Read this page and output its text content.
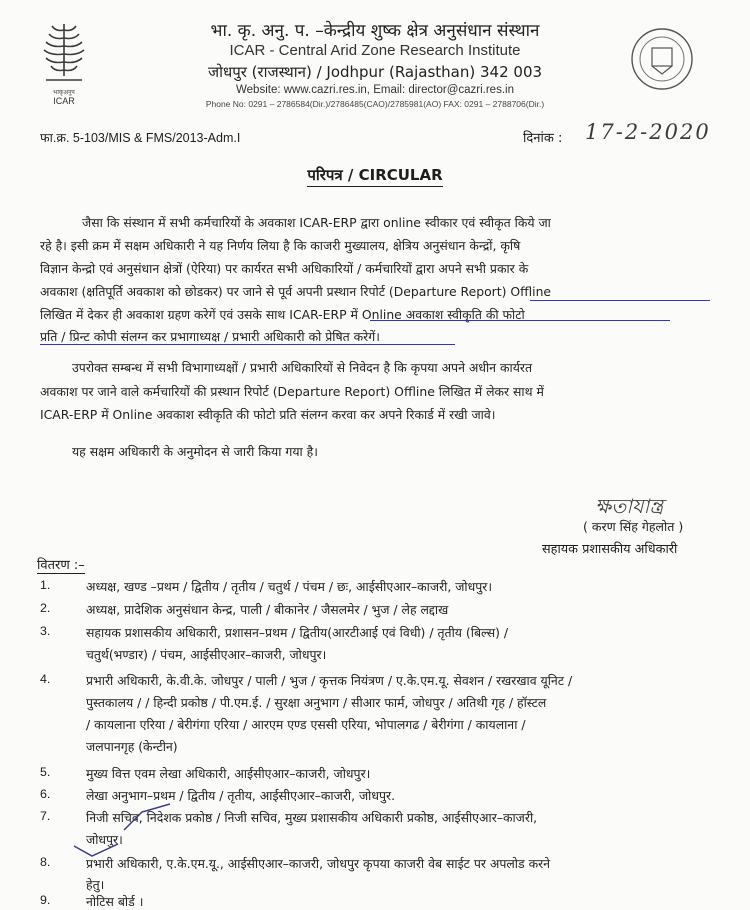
भाकृअनुप
ICAR
भा. कृ. अनु. प. –केन्द्रीय शुष्क क्षेत्र अनुसंधान संस्थान
ICAR - Central Arid Zone Research Institute
जोधपुर (राजस्थान) / Jodhpur (Rajasthan) 342 003
Website: www.cazri.res.in, Email: director@cazri.res.in
Phone No: 0291 – 2786584(Dir.)/2786485(CAO)/2785981(AO) FAX: 0291 – 2788706(Dir.)
फा.क्र. 5-103/MIS & FMS/2013-Adm.I	दिनांक : 17-2-2020
परिपत्र / CIRCULAR
जैसा कि संस्थान में सभी कर्मचारियों के अवकाश ICAR-ERP द्वारा online स्वीकार एवं स्वीकृत किये जा
रहे है। इसी क्रम में सक्षम अधिकारी ने यह निर्णय लिया है कि काजरी मुख्यालय, क्षेत्रिय अनुसंधान केन्द्रों, कृषि
विज्ञान केन्द्रो एवं अनुसंधान क्षेत्रों (ऐरिया) पर कार्यरत सभी अधिकारियों / कर्मचारियों द्वारा अपने सभी प्रकार के
अवकाश (क्षतिपूर्ति अवकाश को छोडकर) पर जाने से पूर्व अपनी प्रस्थान रिपोर्ट (Departure Report) Offline
लिखित में देकर ही अवकाश ग्रहण करेगें एवं उसके साथ ICAR-ERP में Online अवकाश स्वीकृति की फोटो
प्रति / प्रिन्ट कोपी संलग्न कर प्रभागाध्यक्ष / प्रभारी अधिकारी को प्रेषित करेगें।
उपरोक्त सम्बन्ध में सभी विभागाध्यक्षों / प्रभारी अधिकारियों से निवेदन है कि कृपया अपने अधीन कार्यरत
अवकाश पर जाने वाले कर्मचारियों की प्रस्थान रिपोर्ट (Departure Report) Offline लिखित में लेकर साथ में
ICAR-ERP में Online अवकाश स्वीकृति की फोटो प्रति संलग्न करवा कर अपने रिकार्ड में रखी जावे।
यह सक्षम अधिकारी के अनुमोदन से जारी किया गया है।
ক্ষতাযান্ত্র
( करण सिंह गेहलोत )
सहायक प्रशासकीय अधिकारी
वितरण :–
1.	अध्यक्ष, खण्ड –प्रथम / द्वितीय / तृतीय / चतुर्थ / पंचम / छः, आईसीएआर–काजरी, जोधपुर।
2.	अध्यक्ष, प्रादेशिक अनुसंधान केन्द्र, पाली / बीकानेर / जैसलमेर / भुज / लेह लद्दाख
3.	सहायक प्रशासकीय अधिकारी, प्रशासन–प्रथम / द्वितीय(आरटीआई एवं विधी) / तृतीय (बिल्स) /
चतुर्थ(भण्डार) / पंचम, आईसीएआर–काजरी, जोधपुर।
4.	प्रभारी अधिकारी, के.वी.के. जोधपुर / पाली / भुज / कृत्तक नियंत्रण / ए.के.एम.यू. सेवशन / रखरखाव यूनिट /
पुस्तकालय / / हिन्दी प्रकोष्ठ / पी.एम.ई. / सुरक्षा अनुभाग / सीआर फार्म, जोधपुर / अतिथी गृह / हॉस्टल
/ कायलाना एरिया / बेरीगंगा एरिया / आरएम एण्ड एससी एरिया, भोपालगढ / बेरीगंगा / कायलाना /
जलपानगृह (केन्टीन)
5.	मुख्य वित्त एवम लेखा अधिकारी, आईसीएआर–काजरी, जोधपुर।
6.	लेखा अनुभाग–प्रथम / द्वितीय / तृतीय, आईसीएआर–काजरी, जोधपुर.
7.	निजी सचिव, निदेशक प्रकोष्ठ / निजी सचिव, मुख्य प्रशासकीय अधिकारी प्रकोष्ठ, आईसीएआर–काजरी,
जोधपुर।
8.	प्रभारी अधिकारी, ए.के.एम.यू., आईसीएआर–काजरी, जोधपुर कृपया काजरी वेब साईट पर अपलोड करने
हेतु।
9.	नोटिस बोर्ड ।
